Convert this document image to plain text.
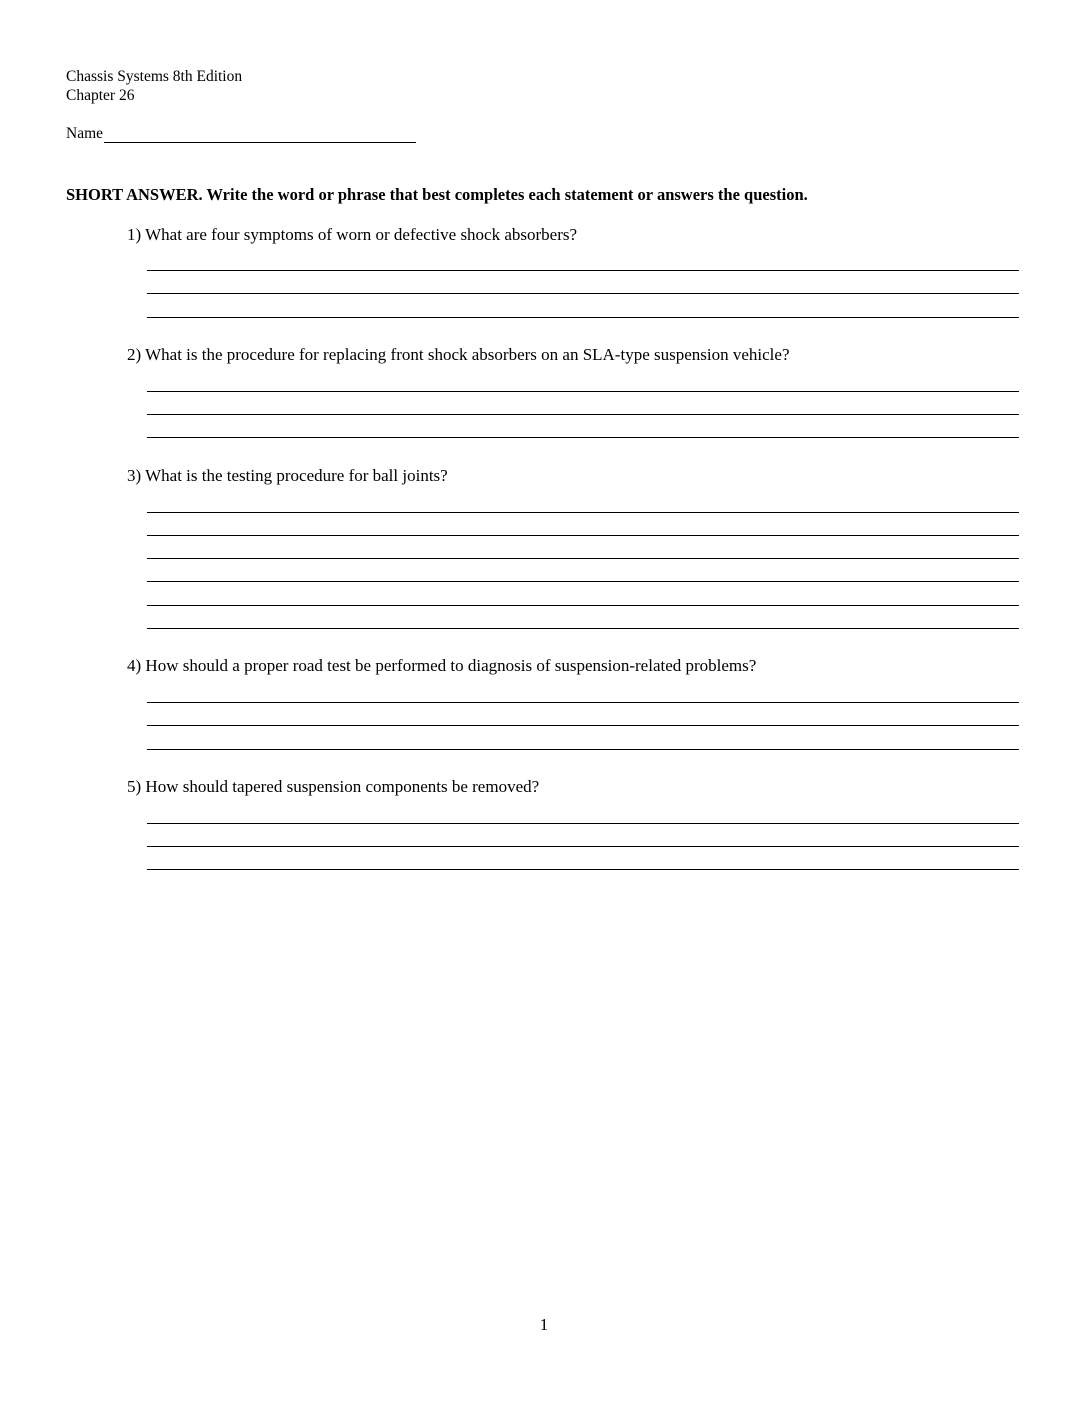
Chassis Systems 8th Edition
Chapter 26
Name
SHORT ANSWER. Write the word or phrase that best completes each statement or answers the question.
1) What are four symptoms of worn or defective shock absorbers?
2) What is the procedure for replacing front shock absorbers on an SLA-type suspension vehicle?
3) What is the testing procedure for ball joints?
4) How should a proper road test be performed to diagnosis of suspension-related problems?
5) How should tapered suspension components be removed?
1
